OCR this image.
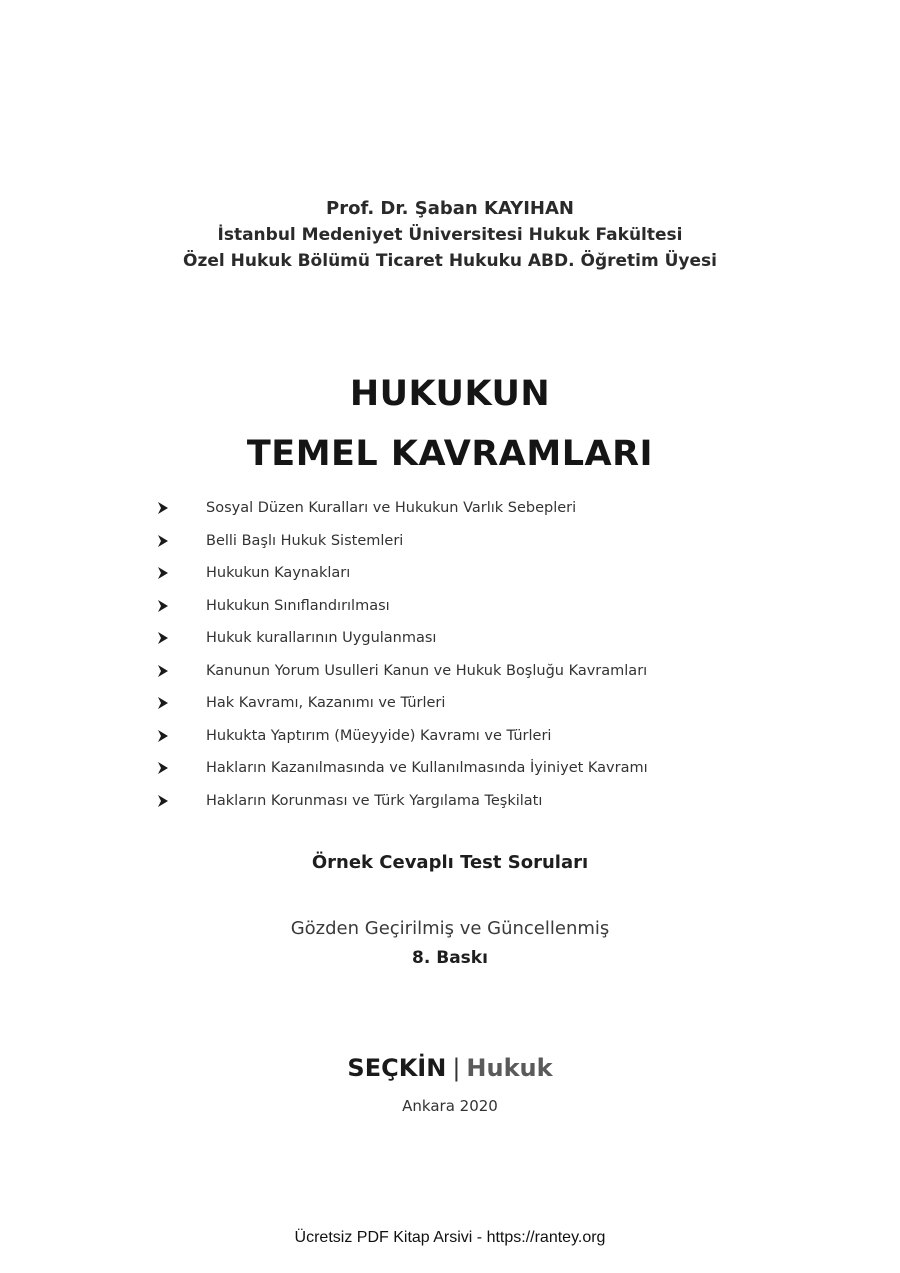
Prof. Dr. Şaban KAYIHAN
İstanbul Medeniyet Üniversitesi Hukuk Fakültesi
Özel Hukuk Bölümü Ticaret Hukuku ABD. Öğretim Üyesi
HUKUKUN
TEMEL KAVRAMLARI
Sosyal Düzen Kuralları ve Hukukun Varlık Sebepleri
Belli Başlı Hukuk Sistemleri
Hukukun Kaynakları
Hukukun Sınıflandırılması
Hukuk kurallarının Uygulanması
Kanunun Yorum Usulleri Kanun ve Hukuk Boşluğu Kavramları
Hak Kavramı, Kazanımı ve Türleri
Hukukta Yaptırım (Müeyyide) Kavramı ve Türleri
Hakların Kazanılmasında ve Kullanılmasında İyiniyet Kavramı
Hakların Korunması ve Türk Yargılama Teşkilatı
Örnek Cevaplı Test Soruları
Gözden Geçirilmiş ve Güncellenmiş
8. Baskı
SEÇKİN | Hukuk
Ankara 2020
Ücretsiz PDF Kitap Arsivi - https://rantey.org
